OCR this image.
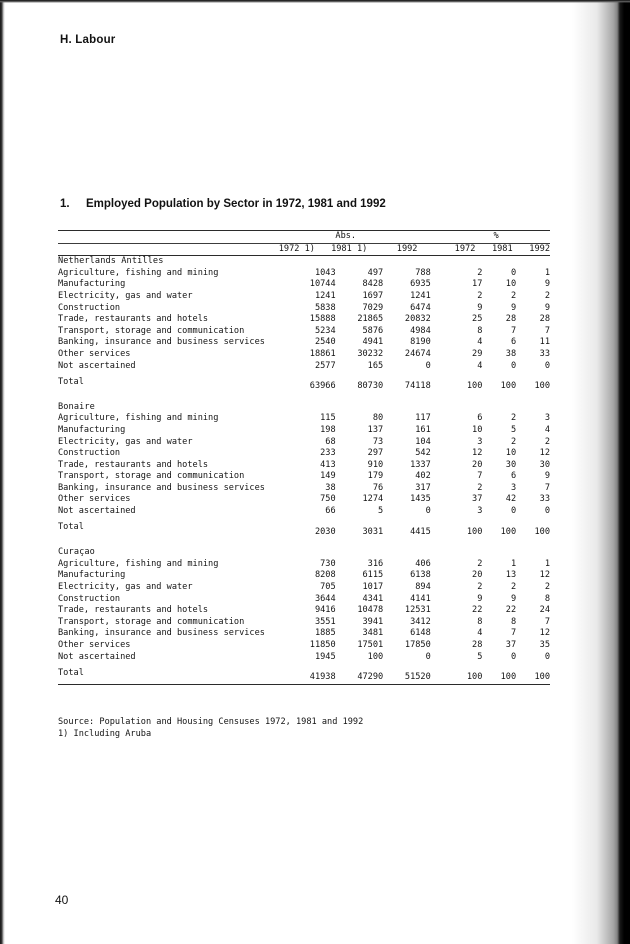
H. Labour
1. Employed Population by Sector in 1972, 1981 and 1992
	Abs.		%
	1972 1)	1981 1)	1992		1972	1981	1992
Netherlands Antilles							
Agriculture, fishing and mining	1043	497	788		2	0	1
Manufacturing	10744	8428	6935		17	10	9
Electricity, gas and water	1241	1697	1241		2	2	2
Construction	5838	7029	6474		9	9	9
Trade, restaurants and hotels	15888	21865	20832		25	28	28
Transport, storage and communication	5234	5876	4984		8	7	7
Banking, insurance and business services	2540	4941	8190		4	6	11
Other services	18861	30232	24674		29	38	33
Not ascertained	2577	165	0		4	0	0
Total	63966	80730	74118		100	100	100

Bonaire							
Agriculture, fishing and mining	115	80	117		6	2	3
Manufacturing	198	137	161		10	5	4
Electricity, gas and water	68	73	104		3	2	2
Construction	233	297	542		12	10	12
Trade, restaurants and hotels	413	910	1337		20	30	30
Transport, storage and communication	149	179	402		7	6	9
Banking, insurance and business services	38	76	317		2	3	7
Other services	750	1274	1435		37	42	33
Not ascertained	66	5	0		3	0	0
Total	2030	3031	4415		100	100	100

Curaçao							
Agriculture, fishing and mining	730	316	406		2	1	1
Manufacturing	8208	6115	6138		20	13	12
Electricity, gas and water	705	1017	894		2	2	2
Construction	3644	4341	4141		9	9	8
Trade, restaurants and hotels	9416	10478	12531		22	22	24
Transport, storage and communication	3551	3941	3412		8	8	7
Banking, insurance and business services	1885	3481	6148		4	7	12
Other services	11850	17501	17850		28	37	35
Not ascertained	1945	100	0		5	0	0
Total	41938	47290	51520		100	100	100
Source: Population and Housing Censuses 1972, 1981 and 1992
1) Including Aruba
40
